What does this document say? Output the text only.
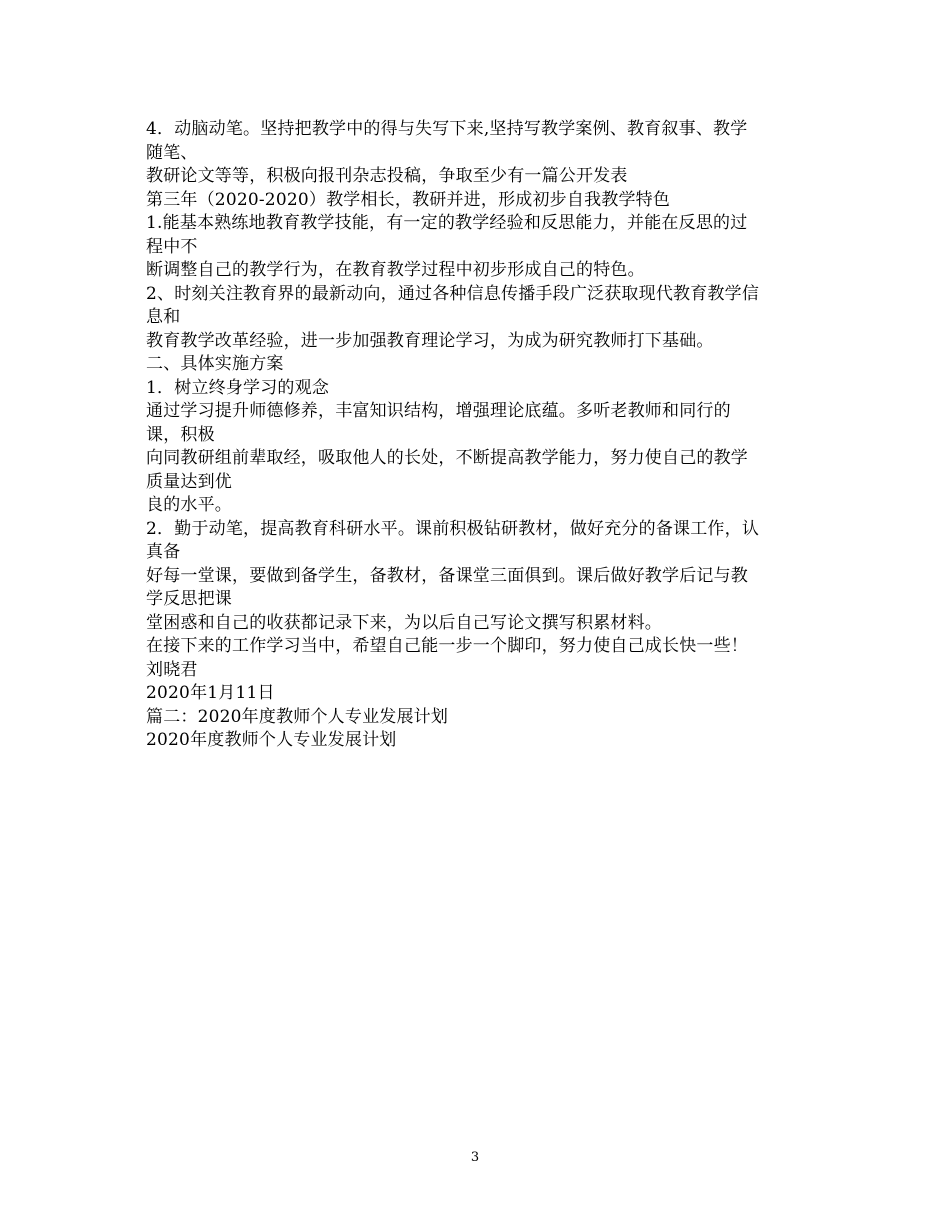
4．动脑动笔。坚持把教学中的得与失写下来,坚持写教学案例、教育叙事、教学
随笔、
教研论文等等，积极向报刊杂志投稿，争取至少有一篇公开发表
第三年（2020-2020）教学相长，教研并进，形成初步自我教学特色
1.能基本熟练地教育教学技能，有一定的教学经验和反思能力，并能在反思的过
程中不
断调整自己的教学行为，在教育教学过程中初步形成自己的特色。
2、时刻关注教育界的最新动向，通过各种信息传播手段广泛获取现代教育教学信
息和
教育教学改革经验，进一步加强教育理论学习，为成为研究教师打下基础。
二、具体实施方案
1．树立终身学习的观念
通过学习提升师德修养，丰富知识结构，增强理论底蕴。多听老教师和同行的
课，积极
向同教研组前辈取经，吸取他人的长处，不断提高教学能力，努力使自己的教学
质量达到优
良的水平。
2．勤于动笔，提高教育科研水平。课前积极钻研教材，做好充分的备课工作，认
真备
好每一堂课，要做到备学生，备教材，备课堂三面俱到。课后做好教学后记与教
学反思把课
堂困惑和自己的收获都记录下来，为以后自己写论文撰写积累材料。
在接下来的工作学习当中，希望自己能一步一个脚印，努力使自己成长快一些！
刘晓君
2020年1月11日
篇二：2020年度教师个人专业发展计划
2020年度教师个人专业发展计划
3
